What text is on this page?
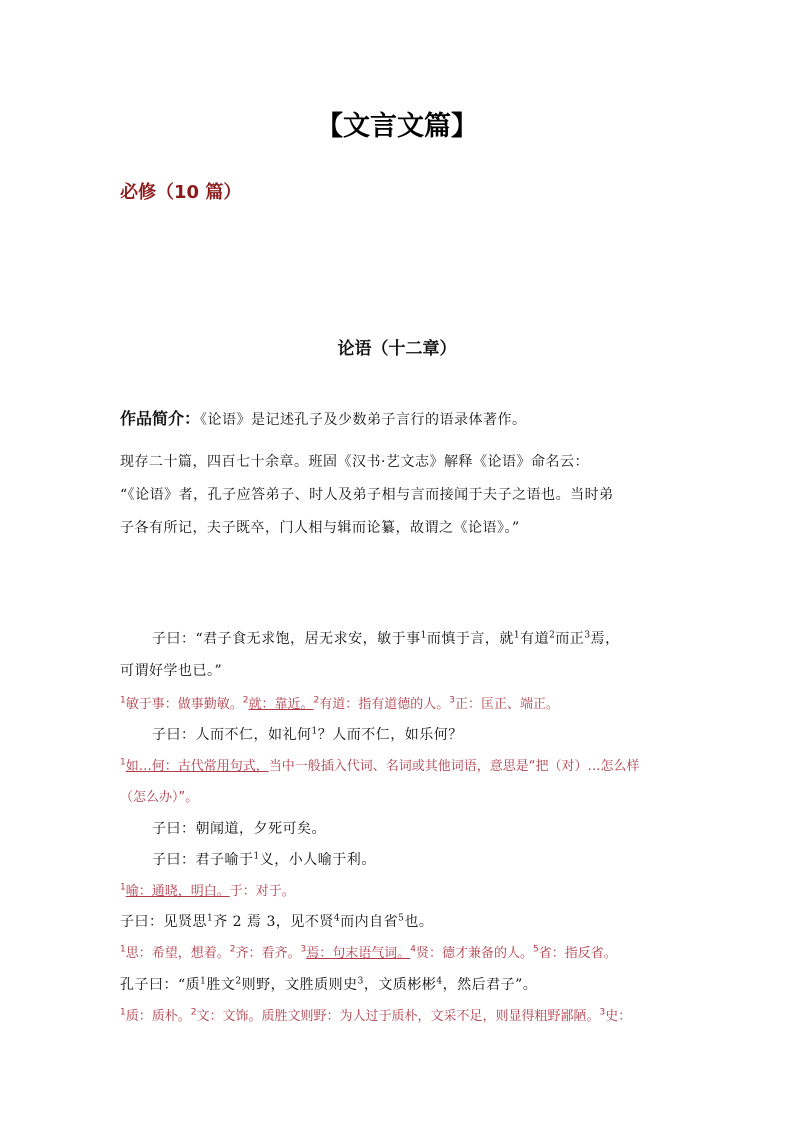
【文言文篇】
必修（10 篇）
论语（十二章）
作品简介：《论语》是记述孔子及少数弟子言行的语录体著作。
现存二十篇，四百七十余章。班固《汉书·艺文志》解释《论语》命名云：
“《论语》者，孔子应答弟子、时人及弟子相与言而接闻于夫子之语也。当时弟
子各有所记，夫子既卒，门人相与辑而论纂，故谓之《论语》。”
子曰：“君子食无求饱，居无求安，敏于事$^1$而慎于言，就$^1$有道$^2$而正$^3$焉，
可谓好学也已。”
$^1$敏于事：做事勤敏。$^2$就：靠近。$^2$有道：指有道德的人。$^3$正：匡正、端正。
子曰：人而不仁，如礼何$^1$？人而不仁，如乐何？
$^1$如…何：古代常用句式，当中一般插入代词、名词或其他词语，意思是“把（对）…怎么样
（怎么办）”。
子曰：朝闻道，夕死可矣。
子曰：君子喻于$^1$义，小人喻于利。
$^1$喻：通晓，明白。于：对于。
子曰：见贤思$^1$齐 2 焉 3，见不贤$^4$而内自省$^5$也。
$^1$思：希望，想着。$^2$齐：看齐。$^3$焉：句末语气词。$^4$贤：德才兼备的人。$^5$省：指反省。
孔子曰：“质$^1$胜文$^2$则野，文胜质则史$^3$，文质彬彬$^4$，然后君子”。
$^1$质：质朴。$^2$文：文饰。质胜文则野：为人过于质朴，文采不足，则显得粗野鄙陋。$^3$史：
